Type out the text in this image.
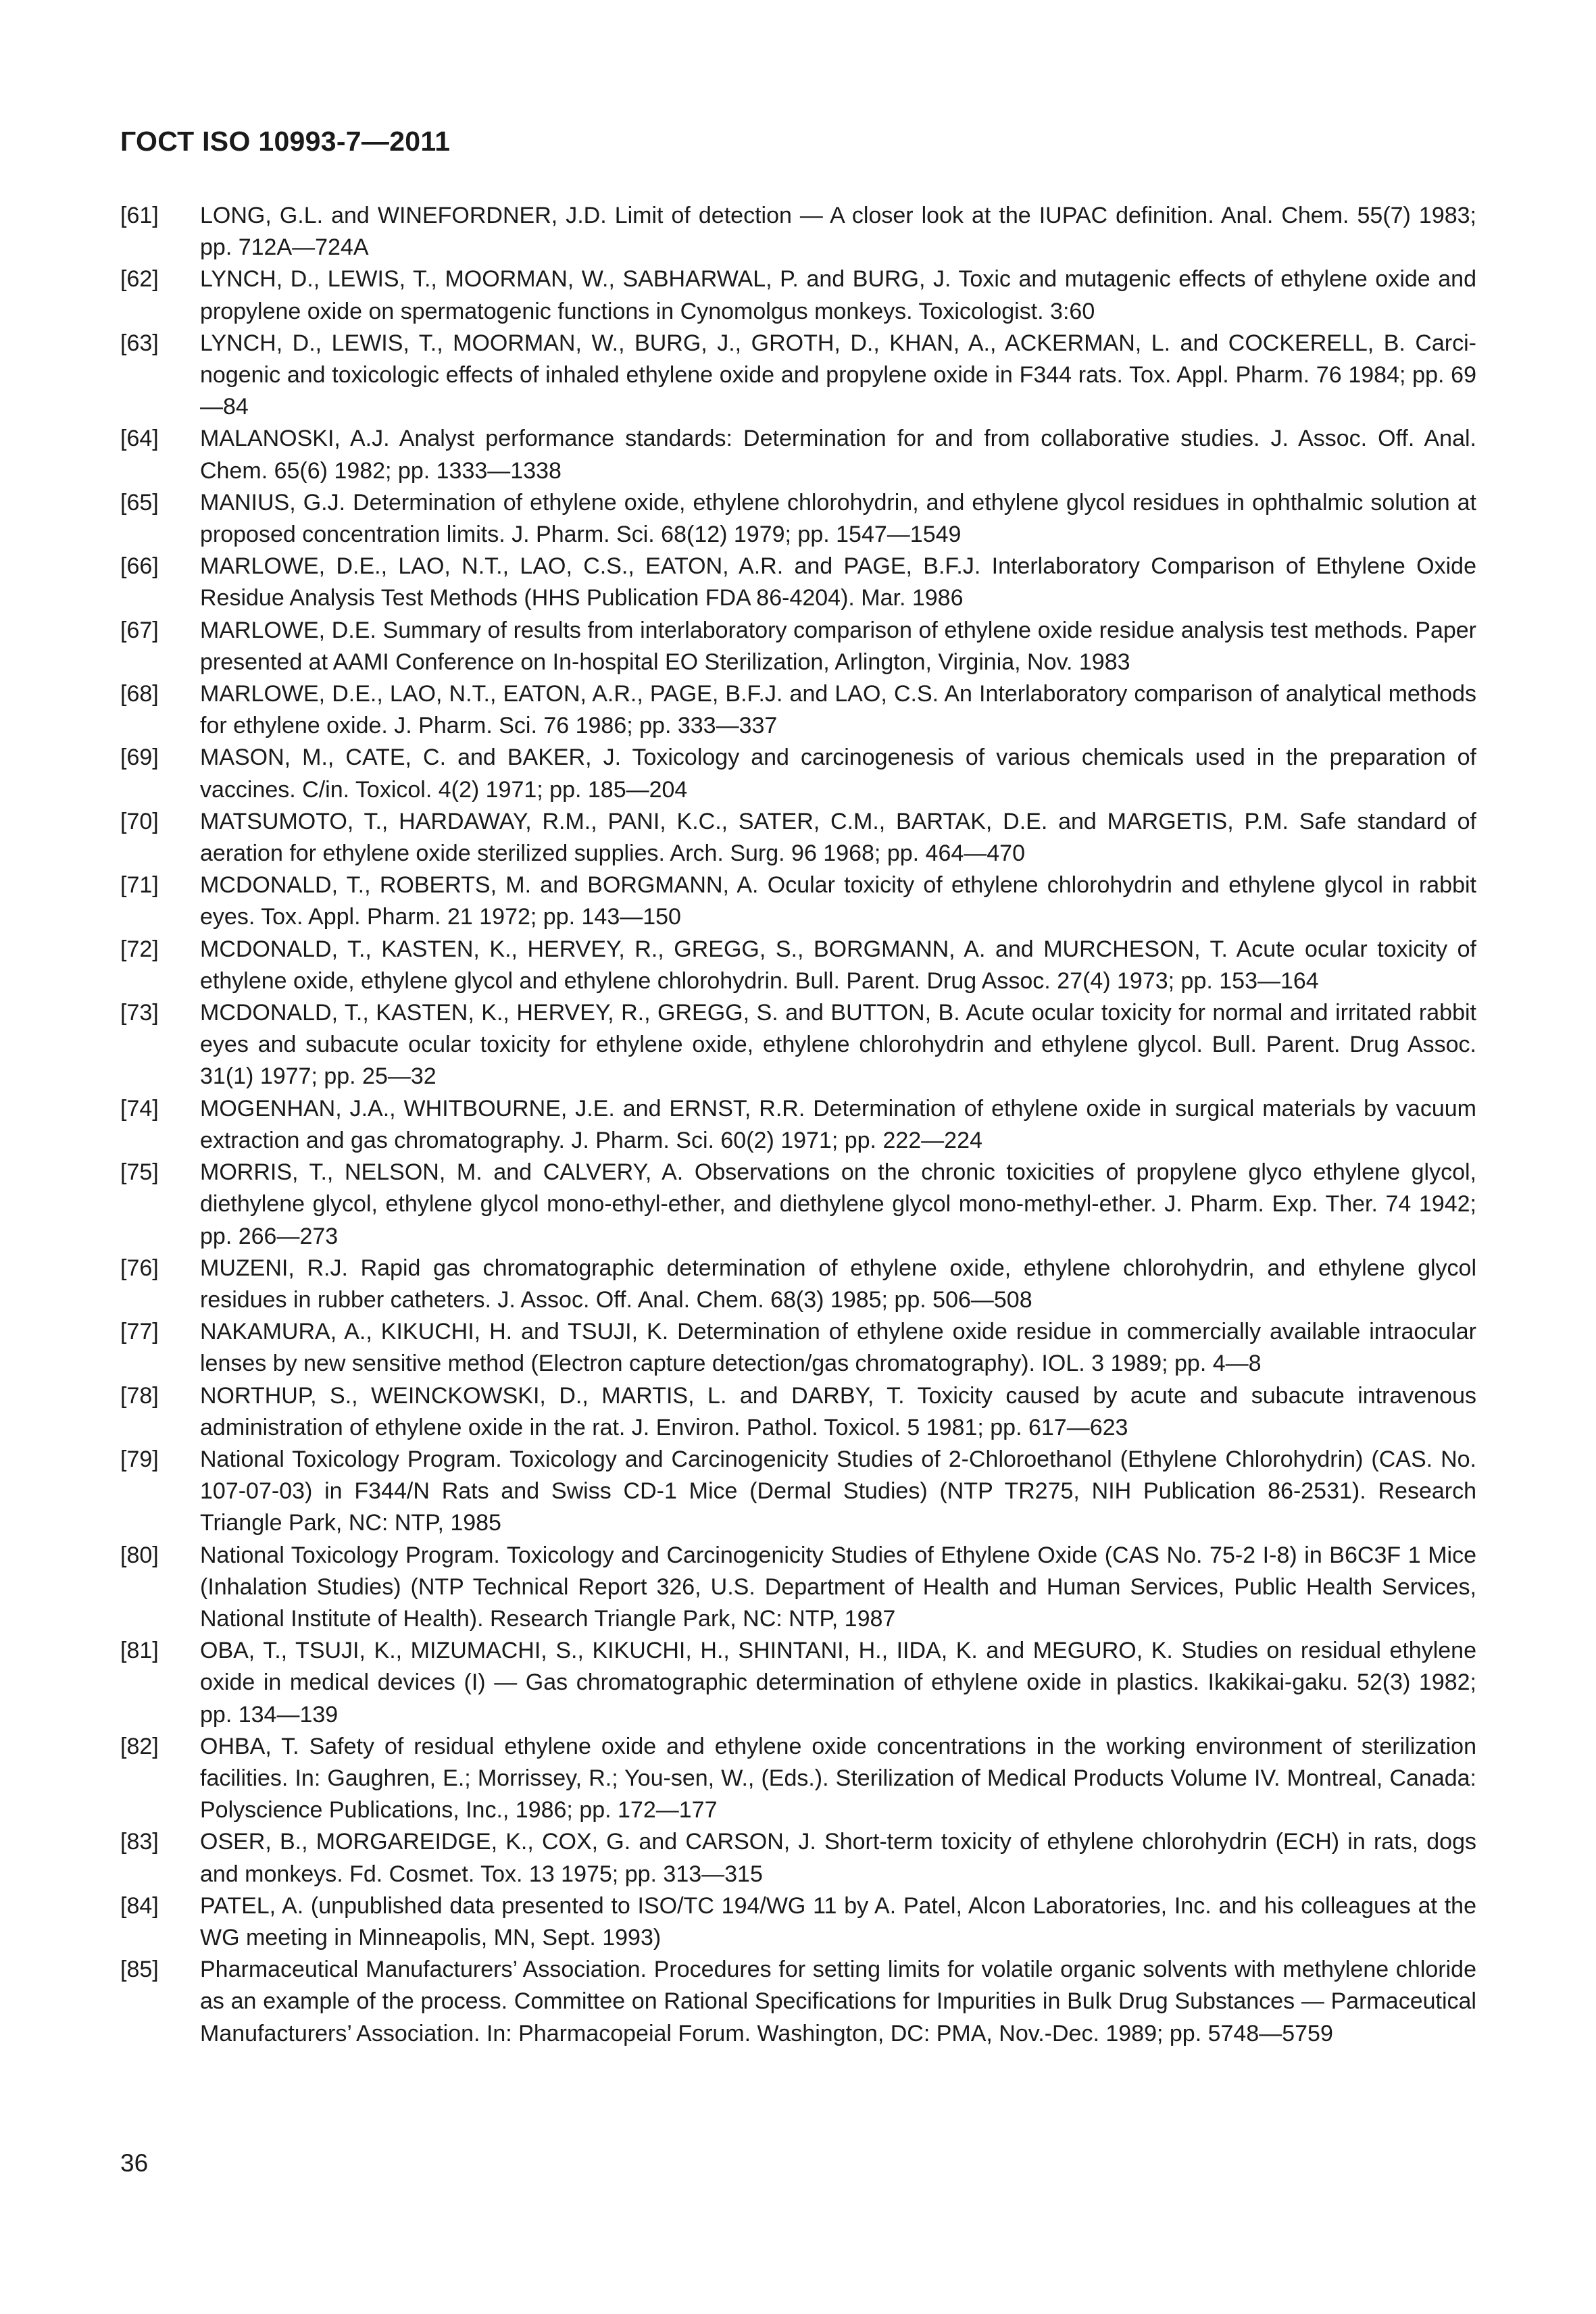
ГОСТ ISO 10993-7—2011
[61]	LONG, G.L. and WINEFORDNER, J.D. Limit of detection — A closer look at the IUPAC definition. Anal. Chem. 55(7) 1983; pp. 712A—724A
[62]	LYNCH, D., LEWIS, T., MOORMAN, W., SABHARWAL, P. and BURG, J. Toxic and mutagenic effects of ethylene oxide and propylene oxide on spermatogenic functions in Cynomolgus monkeys. Toxicologist. 3:60
[63]	LYNCH, D., LEWIS, T., MOORMAN, W., BURG, J., GROTH, D., KHAN, A., ACKERMAN, L. and COCKERELL, B. Carci-nogenic and toxicologic effects of inhaled ethylene oxide and propylene oxide in F344 rats. Tox. Appl. Pharm. 76 1984; pp. 69—84
[64]	MALANOSKI, A.J. Analyst performance standards: Determination for and from collaborative studies. J. Assoc. Off. Anal. Chem. 65(6) 1982; pp. 1333—1338
[65]	MANIUS, G.J. Determination of ethylene oxide, ethylene chlorohydrin, and ethylene glycol residues in ophthalmic solution at proposed concentration limits. J. Pharm. Sci. 68(12) 1979; pp. 1547—1549
[66]	MARLOWE, D.E., LAO, N.T., LAO, C.S., EATON, A.R. and PAGE, B.F.J. Interlaboratory Comparison of Ethylene Oxide Residue Analysis Test Methods (HHS Publication FDA 86-4204). Mar. 1986
[67]	MARLOWE, D.E. Summary of results from interlaboratory comparison of ethylene oxide residue analysis test methods. Paper presented at AAMI Conference on In-hospital EO Sterilization, Arlington, Virginia, Nov. 1983
[68]	MARLOWE, D.E., LAO, N.T., EATON, A.R., PAGE, B.F.J. and LAO, C.S. An Interlaboratory comparison of analytical methods for ethylene oxide. J. Pharm. Sci. 76 1986; pp. 333—337
[69]	MASON, M., CATE, C. and BAKER, J. Toxicology and carcinogenesis of various chemicals used in the preparation of vaccines. C/in. Toxicol. 4(2) 1971; pp. 185—204
[70]	MATSUMOTO, T., HARDAWAY, R.M., PANI, K.C., SATER, C.M., BARTAK, D.E. and MARGETIS, P.M. Safe standard of aeration for ethylene oxide sterilized supplies. Arch. Surg. 96 1968; pp. 464—470
[71]	MCDONALD, T., ROBERTS, M. and BORGMANN, A. Ocular toxicity of ethylene chlorohydrin and ethylene glycol in rabbit eyes. Tox. Appl. Pharm. 21 1972; pp. 143—150
[72]	MCDONALD, T., KASTEN, K., HERVEY, R., GREGG, S., BORGMANN, A. and MURCHESON, T. Acute ocular toxicity of ethylene oxide, ethylene glycol and ethylene chlorohydrin. Bull. Parent. Drug Assoc. 27(4) 1973; pp. 153—164
[73]	MCDONALD, T., KASTEN, K., HERVEY, R., GREGG, S. and BUTTON, B. Acute ocular toxicity for normal and irritated rabbit eyes and subacute ocular toxicity for ethylene oxide, ethylene chlorohydrin and ethylene glycol. Bull. Parent. Drug Assoc. 31(1) 1977; pp. 25—32
[74]	MOGENHAN, J.A., WHITBOURNE, J.E. and ERNST, R.R. Determination of ethylene oxide in surgical materials by vacuum extraction and gas chromatography. J. Pharm. Sci. 60(2) 1971; pp. 222—224
[75]	MORRIS, T., NELSON, M. and CALVERY, A. Observations on the chronic toxicities of propylene glyco ethylene glycol, diethylene glycol, ethylene glycol mono-ethyl-ether, and diethylene glycol mono-methyl-ether. J. Pharm. Exp. Ther. 74 1942; pp. 266—273
[76]	MUZENI, R.J. Rapid gas chromatographic determination of ethylene oxide, ethylene chlorohydrin, and ethylene glycol residues in rubber catheters. J. Assoc. Off. Anal. Chem. 68(3) 1985; pp. 506—508
[77]	NAKAMURA, A., KIKUCHI, H. and TSUJI, K. Determination of ethylene oxide residue in commercially available intraocular lenses by new sensitive method (Electron capture detection/gas chromatography). IOL. 3 1989; pp. 4—8
[78]	NORTHUP, S., WEINCKOWSKI, D., MARTIS, L. and DARBY, T. Toxicity caused by acute and subacute intravenous administration of ethylene oxide in the rat. J. Environ. Pathol. Toxicol. 5 1981; pp. 617—623
[79]	National Toxicology Program. Toxicology and Carcinogenicity Studies of 2-Chloroethanol (Ethylene Chlorohydrin) (CAS. No. 107-07-03) in F344/N Rats and Swiss CD-1 Mice (Dermal Studies) (NTP TR275, NIH Publication 86-2531). Research Triangle Park, NC: NTP, 1985
[80]	National Toxicology Program. Toxicology and Carcinogenicity Studies of Ethylene Oxide (CAS No. 75-2 I-8) in B6C3F 1 Mice (Inhalation Studies) (NTP Technical Report 326, U.S. Department of Health and Human Services, Public Health Services, National Institute of Health). Research Triangle Park, NC: NTP, 1987
[81]	OBA, T., TSUJI, K., MIZUMACHI, S., KIKUCHI, H., SHINTANI, H., IIDA, K. and MEGURO, K. Studies on residual ethylene oxide in medical devices (I) — Gas chromatographic determination of ethylene oxide in plastics. Ikakikai-gaku. 52(3) 1982; pp. 134—139
[82]	OHBA, T. Safety of residual ethylene oxide and ethylene oxide concentrations in the working environment of sterilization facilities. In: Gaughren, E.; Morrissey, R.; You-sen, W., (Eds.). Sterilization of Medical Products Volume IV. Montreal, Canada: Polyscience Publications, Inc., 1986; pp. 172—177
[83]	OSER, B., MORGAREIDGE, K., COX, G. and CARSON, J. Short-term toxicity of ethylene chlorohydrin (ECH) in rats, dogs and monkeys. Fd. Cosmet. Tox. 13 1975; pp. 313—315
[84]	PATEL, A. (unpublished data presented to ISO/TC 194/WG 11 by A. Patel, Alcon Laboratories, Inc. and his colleagues at the WG meeting in Minneapolis, MN, Sept. 1993)
[85]	Pharmaceutical Manufacturers’ Association. Procedures for setting limits for volatile organic solvents with methylene chloride as an example of the process. Committee on Rational Specifications for Impurities in Bulk Drug Substances — Parmaceutical Manufacturers’ Association. In: Pharmacopeial Forum. Washington, DC: PMA, Nov.-Dec. 1989; pp. 5748—5759
36
